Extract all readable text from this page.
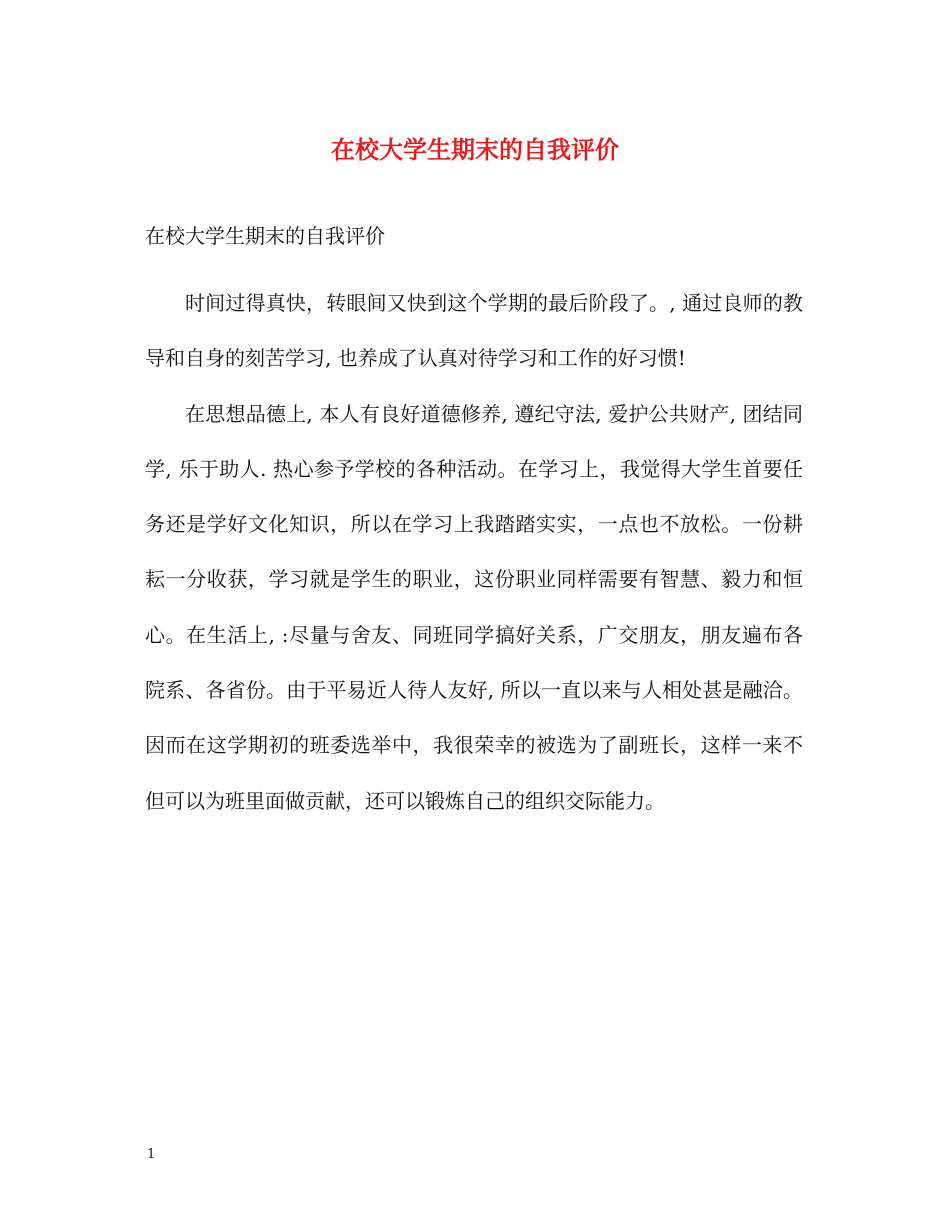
在校大学生期末的自我评价

在校大学生期末的自我评价

时间过得真快，转眼间又快到这个学期的最后阶段了。, 通过良师的教导和自身的刻苦学习, 也养成了认真对待学习和工作的好习惯!

在思想品德上, 本人有良好道德修养, 遵纪守法, 爱护公共财产, 团结同学, 乐于助人. 热心参予学校的各种活动。在学习上，我觉得大学生首要任务还是学好文化知识，所以在学习上我踏踏实实，一点也不放松。一份耕耘一分收获，学习就是学生的职业，这份职业同样需要有智慧、毅力和恒心。在生活上, :尽量与舍友、同班同学搞好关系，广交朋友，朋友遍布各院系、各省份。由于平易近人待人友好, 所以一直以来与人相处甚是融洽。因而在这学期初的班委选举中，我很荣幸的被选为了副班长，这样一来不但可以为班里面做贡献，还可以锻炼自己的组织交际能力。

1
